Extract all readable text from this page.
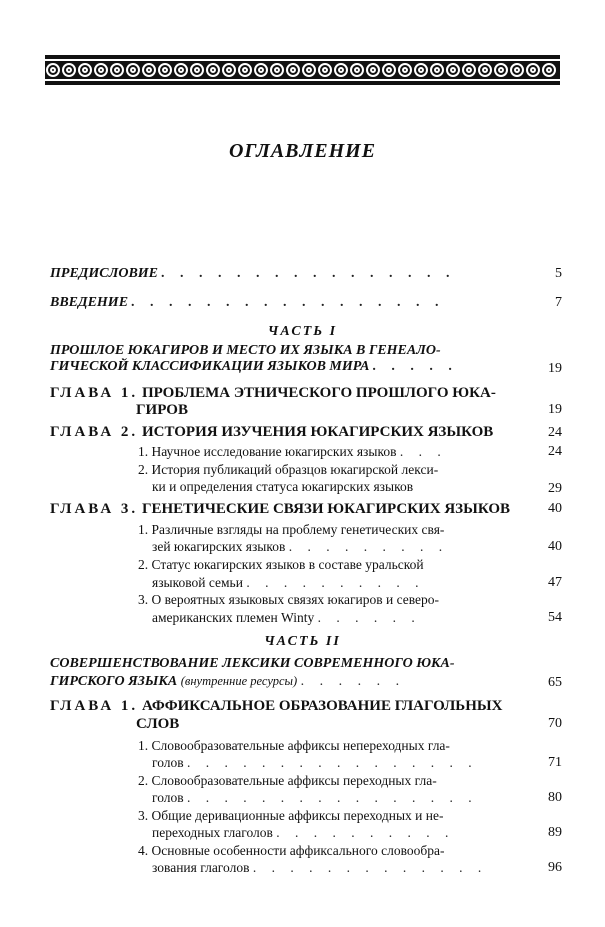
ОГЛАВЛЕНИЕ
ПРЕДИСЛОВИЕ . . . . . . . . . . . . . . . .	5
ВВЕДЕНИЕ . . . . . . . . . . . . . . . . .	7
ЧАСТЬ I
ПРОШЛОЕ ЮКАГИРОВ И МЕСТО ИХ ЯЗЫКА В ГЕНЕАЛО-
ГИЧЕСКОЙ КЛАССИФИКАЦИИ ЯЗЫКОВ МИРА . . . . .	19
ГЛАВА 1. ПРОБЛЕМА ЭТНИЧЕСКОГО ПРОШЛОГО ЮКА-
ГИРОВ	19
ГЛАВА 2. ИСТОРИЯ ИЗУЧЕНИЯ ЮКАГИРСКИХ ЯЗЫКОВ	24
1. Научное исследование юкагирских языков . . .	24
2. История публикаций образцов юкагирской лекси-
ки и определения статуса юкагирских языков	29
ГЛАВА 3. ГЕНЕТИЧЕСКИЕ СВЯЗИ ЮКАГИРСКИХ ЯЗЫКОВ	40
1. Различные взгляды на проблему генетических свя-
зей юкагирских языков . . . . . . . . .	40
2. Статус юкагирских языков в составе уральской
языковой семьи . . . . . . . . . .	47
3. О вероятных языковых связях юкагиров и северо-
американских племен Winty . . . . . .	54
ЧАСТЬ II
СОВЕРШЕНСТВОВАНИЕ ЛЕКСИКИ СОВРЕМЕННОГО ЮКА-
ГИРСКОГО ЯЗЫКА (внутренние ресурсы) . . . . . .	65
ГЛАВА 1. АФФИКСАЛЬНОЕ ОБРАЗОВАНИЕ ГЛАГОЛЬНЫХ
СЛОВ	70
1. Словообразовательные аффиксы непереходных гла-
голов . . . . . . . . . . . . . . . .	71
2. Словообразовательные аффиксы переходных гла-
голов . . . . . . . . . . . . . . . .	80
3. Общие деривационные аффиксы переходных и не-
переходных глаголов . . . . . . . . . .	89
4. Основные особенности аффиксального словообра-
зования глаголов . . . . . . . . . . . . .	96
